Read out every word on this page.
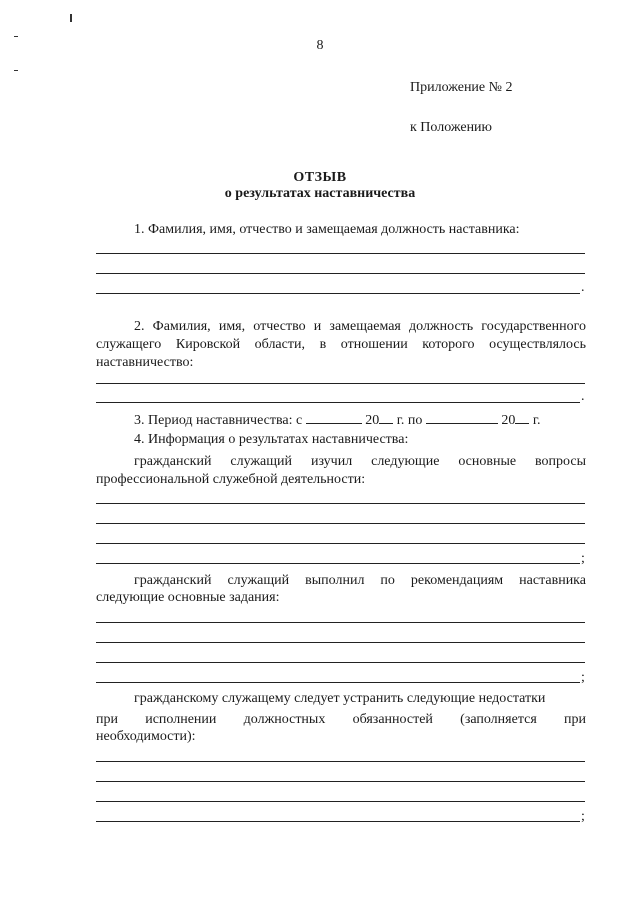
8
Приложение № 2
к Положению
ОТЗЫВ
о результатах наставничества
1. Фамилия, имя, отчество и замещаемая должность наставника:
.
2. Фамилия, имя, отчество и замещаемая должность государственного
служащего Кировской области, в отношении которого осуществлялось
наставничество:
.
3. Период наставничества: с	20 г. по	20 г.
4. Информация о результатах наставничества:
гражданский служащий изучил следующие основные вопросы
профессиональной служебной деятельности:
;
гражданский служащий выполнил по рекомендациям наставника
следующие основные задания:
;
гражданскому служащему следует устранить следующие недостатки
при исполнении должностных обязанностей (заполняется при
необходимости):
;
